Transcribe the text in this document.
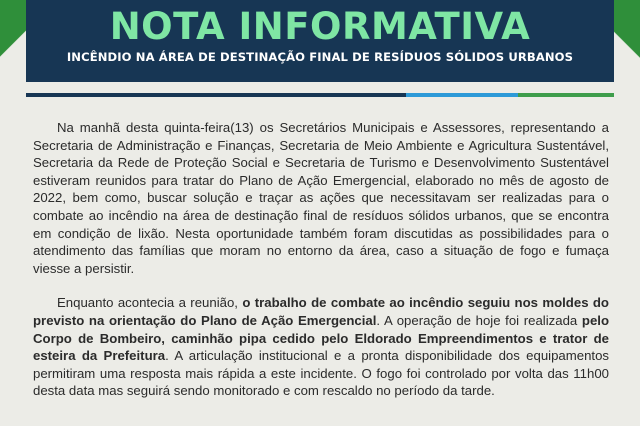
NOTA INFORMATIVA
INCÊNDIO NA ÁREA DE DESTINAÇÃO FINAL DE RESÍDUOS SÓLIDOS URBANOS

Na manhã desta quinta-feira(13) os Secretários Municipais e Assessores, representando a Secretaria de Administração e Finanças, Secretaria de Meio Ambiente e Agricultura Sustentável, Secretaria da Rede de Proteção Social e Secretaria de Turismo e Desenvolvimento Sustentável estiveram reunidos para tratar do Plano de Ação Emergencial, elaborado no mês de agosto de 2022, bem como, buscar solução e traçar as ações que necessitavam ser realizadas para o combate ao incêndio na área de destinação final de resíduos sólidos urbanos, que se encontra em condição de lixão. Nesta oportunidade também foram discutidas as possibilidades para o atendimento das famílias que moram no entorno da área, caso a situação de fogo e fumaça viesse a persistir.

Enquanto acontecia a reunião, o trabalho de combate ao incêndio seguiu nos moldes do previsto na orientação do Plano de Ação Emergencial. A operação de hoje foi realizada pelo Corpo de Bombeiro, caminhão pipa cedido pelo Eldorado Empreendimentos e trator de esteira da Prefeitura. A articulação institucional e a pronta disponibilidade dos equipamentos permitiram uma resposta mais rápida a este incidente. O fogo foi controlado por volta das 11h00 desta data mas seguirá sendo monitorado e com rescaldo no período da tarde.
